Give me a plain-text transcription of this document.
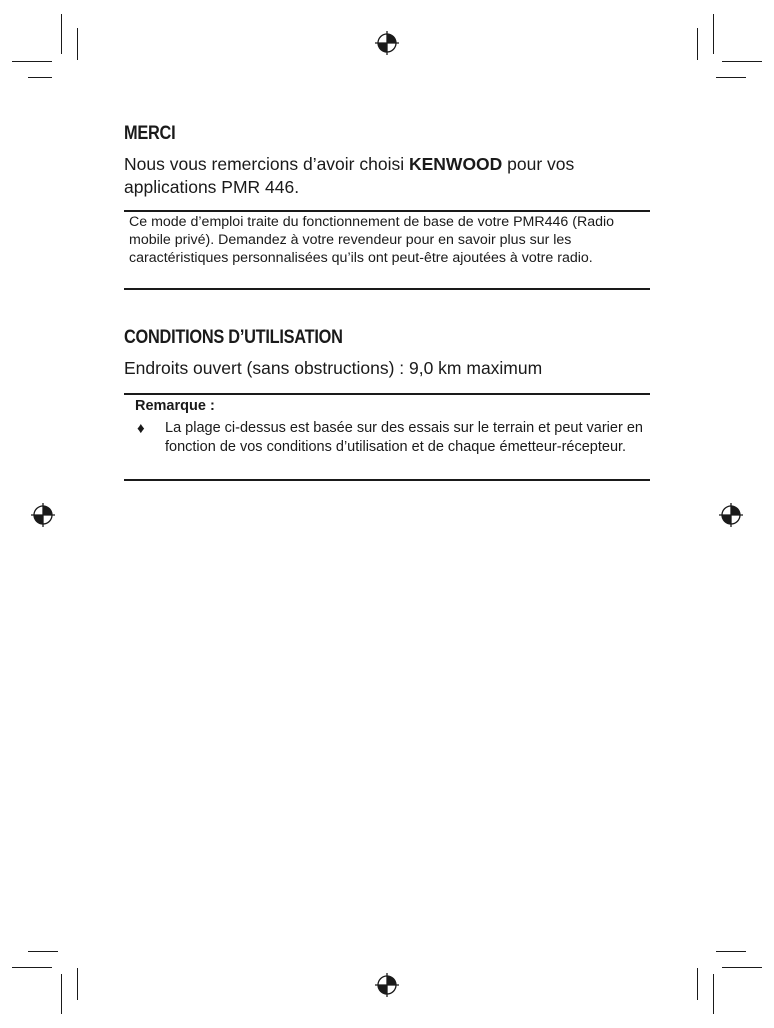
MERCI

Nous vous remercions d’avoir choisi KENWOOD pour vos applications PMR 446.

Ce mode d’emploi traite du fonctionnement de base de votre PMR446 (Radio mobile privé). Demandez à votre revendeur pour en savoir plus sur les caractéristiques personnalisées qu’ils ont peut-être ajoutées à votre radio.

CONDITIONS D’UTILISATION

Endroits ouvert (sans obstructions) : 9,0 km maximum

Remarque :

♦ La plage ci-dessus est basée sur des essais sur le terrain et peut varier en fonction de vos conditions d’utilisation et de chaque émetteur-récepteur.
